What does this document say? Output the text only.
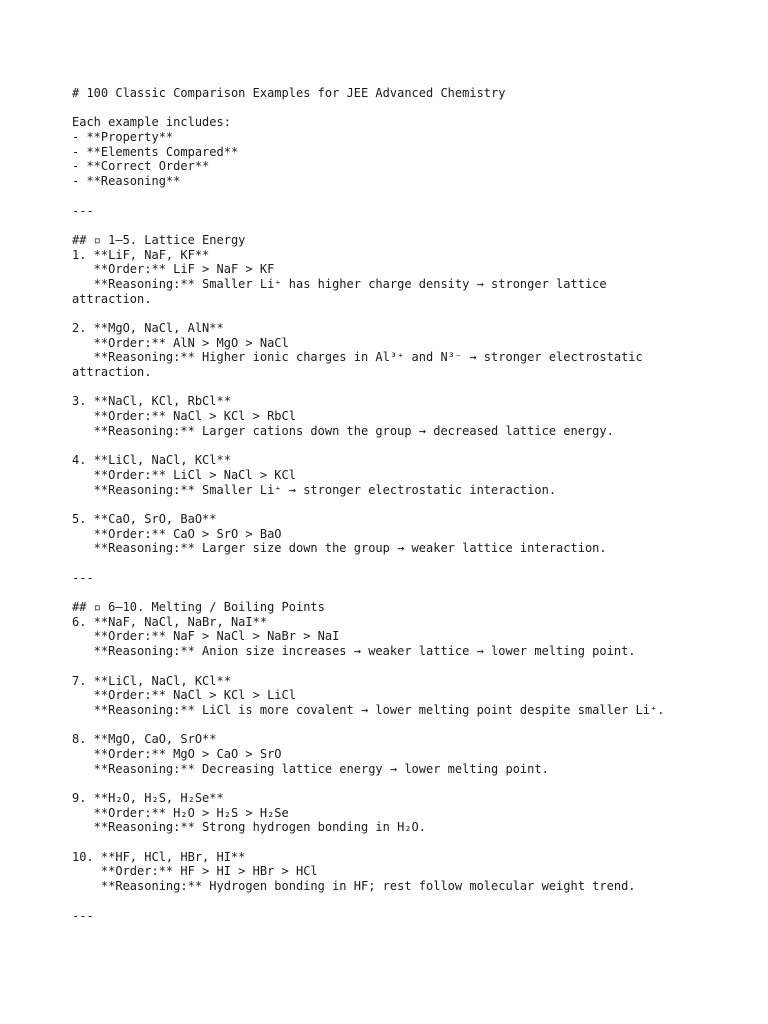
# 100 Classic Comparison Examples for JEE Advanced Chemistry
Each example includes:
- **Property**
- **Elements Compared**
- **Correct Order**
- **Reasoning**
---
## ▫ 1–5. Lattice Energy
1. **LiF, NaF, KF**
**Order:** LiF > NaF > KF
**Reasoning:** Smaller Li⁺ has higher charge density → stronger lattice
attraction.
2. **MgO, NaCl, AlN**
**Order:** AlN > MgO > NaCl
**Reasoning:** Higher ionic charges in Al³⁺ and N³⁻ → stronger electrostatic
attraction.
3. **NaCl, KCl, RbCl**
**Order:** NaCl > KCl > RbCl
**Reasoning:** Larger cations down the group → decreased lattice energy.
4. **LiCl, NaCl, KCl**
**Order:** LiCl > NaCl > KCl
**Reasoning:** Smaller Li⁺ → stronger electrostatic interaction.
5. **CaO, SrO, BaO**
**Order:** CaO > SrO > BaO
**Reasoning:** Larger size down the group → weaker lattice interaction.
---
## ▫ 6–10. Melting / Boiling Points
6. **NaF, NaCl, NaBr, NaI**
**Order:** NaF > NaCl > NaBr > NaI
**Reasoning:** Anion size increases → weaker lattice → lower melting point.
7. **LiCl, NaCl, KCl**
**Order:** NaCl > KCl > LiCl
**Reasoning:** LiCl is more covalent → lower melting point despite smaller Li⁺.
8. **MgO, CaO, SrO**
**Order:** MgO > CaO > SrO
**Reasoning:** Decreasing lattice energy → lower melting point.
9. **H₂O, H₂S, H₂Se**
**Order:** H₂O > H₂S > H₂Se
**Reasoning:** Strong hydrogen bonding in H₂O.
10. **HF, HCl, HBr, HI**
**Order:** HF > HI > HBr > HCl
**Reasoning:** Hydrogen bonding in HF; rest follow molecular weight trend.
---
